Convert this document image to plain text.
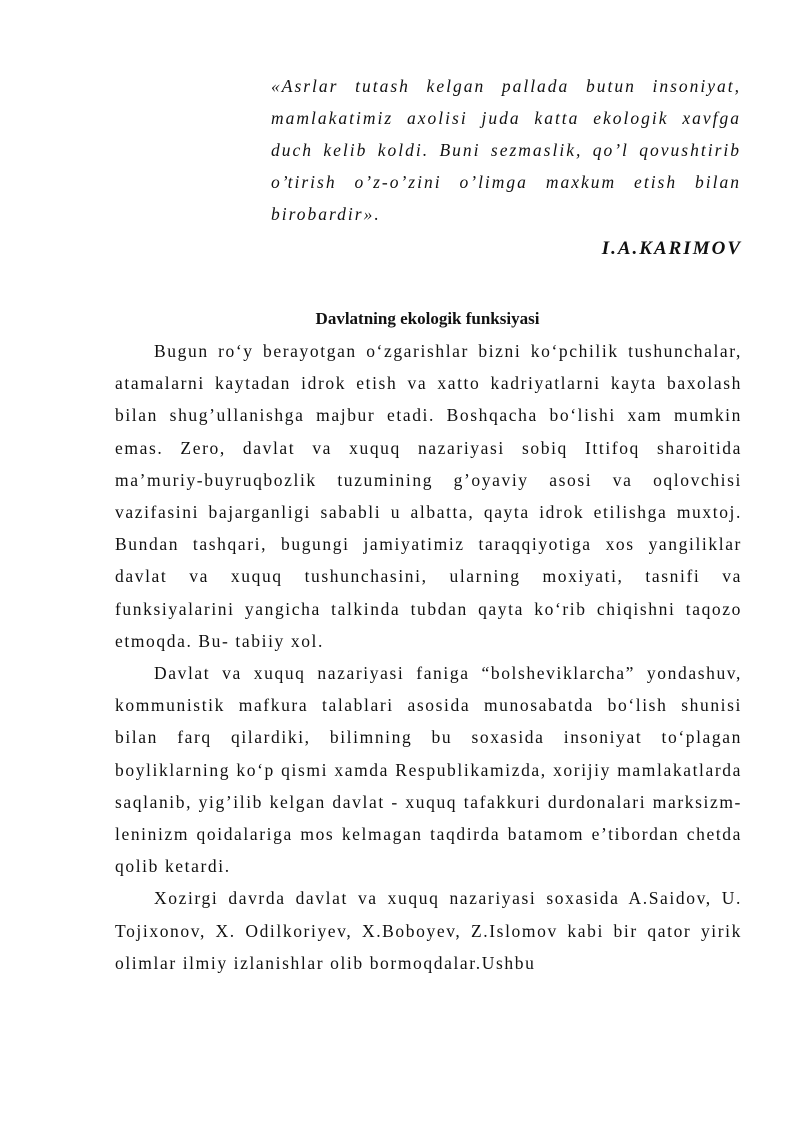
«Asrlar tutash kelgan pallada butun insoniyat, mamlakatimiz axolisi juda katta ekologik xavfga duch kelib koldi. Buni sezmaslik, qo’l qovushtirib o’tirish o’z-o’zini o’limga maxkum etish bilan birobardir».

I.A.KARIMOV

Davlatning ekologik funksiyasi

Bugun ro‘y berayotgan o‘zgarishlar bizni ko‘pchilik tushunchalar, atamalarni kaytadan idrok etish va xatto kadriyatlarni kayta baxolash bilan shug’ullanishga majbur etadi. Boshqacha bo‘lishi xam mumkin emas. Zero, davlat va xuquq nazariyasi sobiq Ittifoq sharoitida ma’muriy-buyruqbozlik tuzumining g’oyaviy asosi va oqlovchisi vazifasini bajarganligi sababli u albatta, qayta idrok etilishga muxtoj. Bundan tashqari, bugungi jamiyatimiz taraqqiyotiga xos yangiliklar davlat va xuquq tushunchasini, ularning moxiyati, tasnifi va funksiyalarini yangicha talkinda tubdan qayta ko‘rib chiqishni taqozo etmoqda. Bu- tabiiy xol.

Davlat va xuquq nazariyasi faniga “bolsheviklarcha” yondashuv, kommunistik mafkura talablari asosida munosabatda bo‘lish shunisi bilan farq qilardiki, bilimning bu soxasida insoniyat to‘plagan boyliklarning ko‘p qismi xamda Respublikamizda, xorijiy mamlakatlarda saqlanib, yig’ilib kelgan davlat - xuquq tafakkuri durdonalari marksizm-leninizm qoidalariga mos kelmagan taqdirda batamom e’tibordan chetda qolib ketardi.

Xozirgi davrda davlat va xuquq nazariyasi soxasida A.Saidov, U. Tojixonov, X. Odilkoriyev, X.Boboyev, Z.Islomov kabi bir qator yirik olimlar ilmiy izlanishlar olib bormoqdalar.Ushbu
